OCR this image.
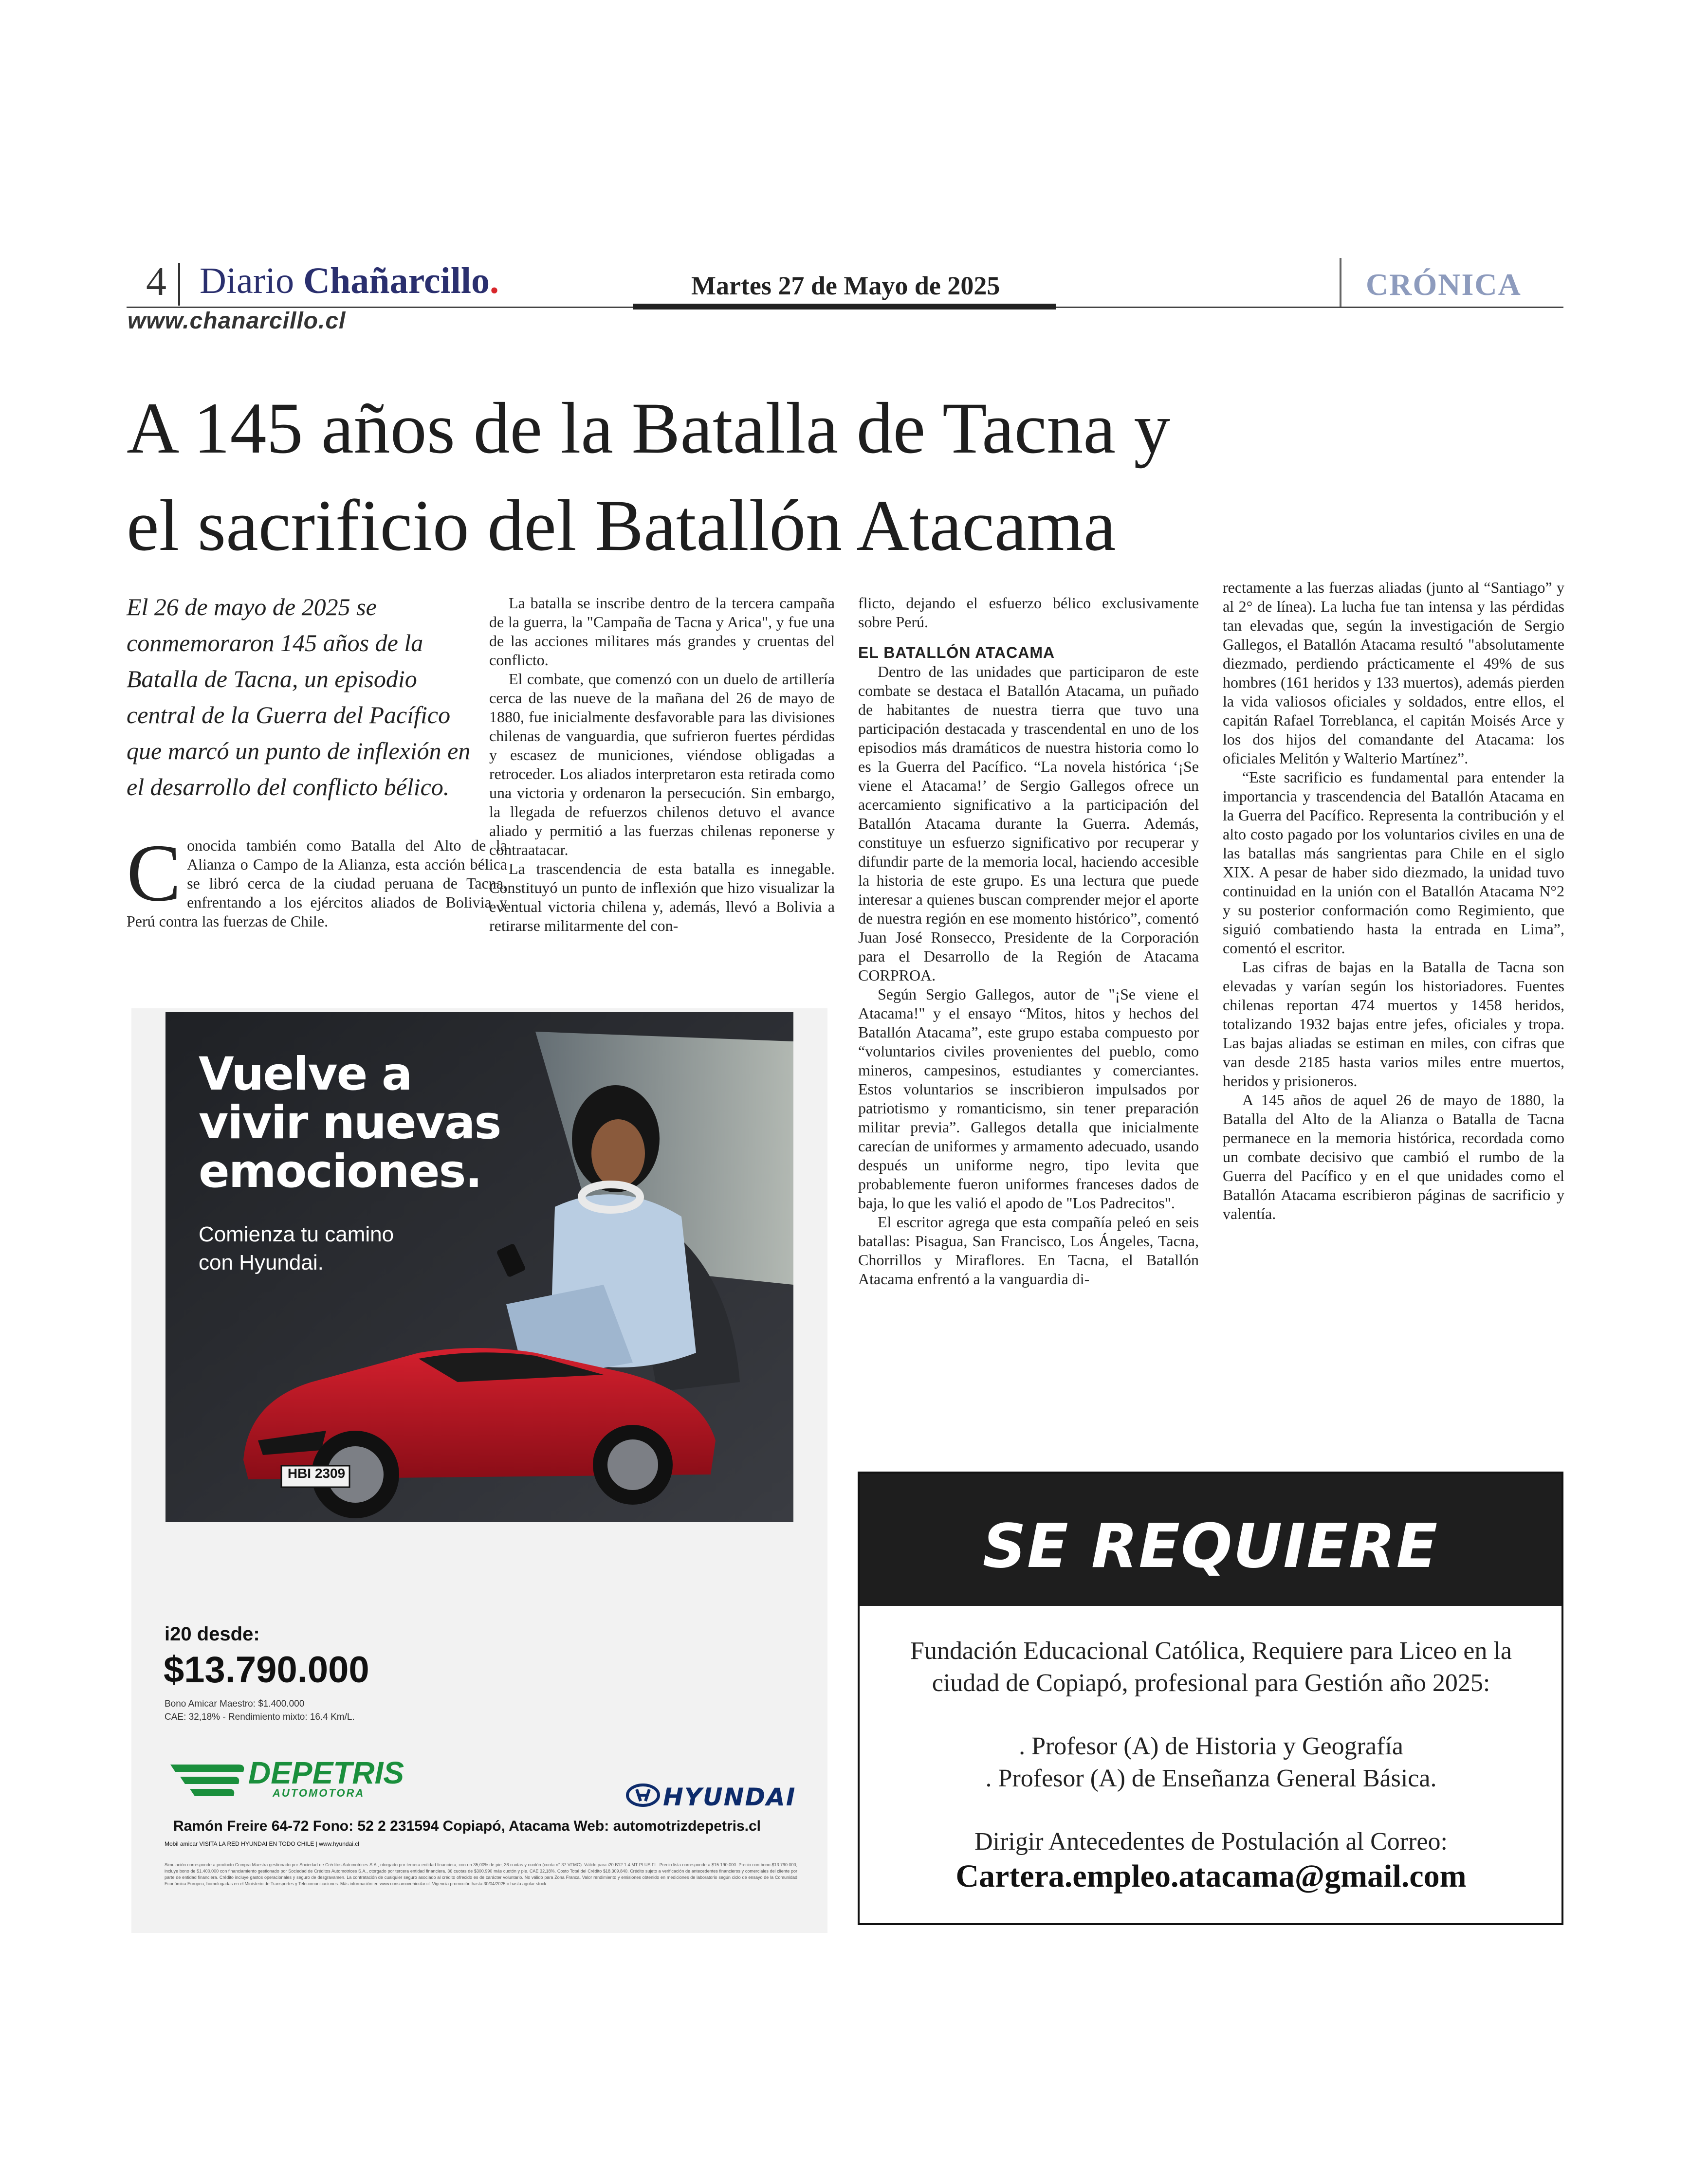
4 Diario Chañarcillo.	Martes 27 de Mayo de 2025	CRÓNICA
www.chanarcillo.cl
A 145 años de la Batalla de Tacna y
el sacrificio del Batallón Atacama
El 26 de mayo de 2025 se conmemoraron 145 años de la Batalla de Tacna, un episodio central de la Guerra del Pacífico que marcó un punto de inflexión en el desarrollo del conflicto bélico.
C onocida también como Batalla del Alto de la Alianza o Campo de la Alianza, esta acción bélica se libró cerca de la ciudad peruana de Tacna, enfrentando a los ejércitos aliados de Bolivia y Perú contra las fuerzas de Chile.

La batalla se inscribe dentro de la tercera campaña de la guerra, la "Campaña de Tacna y Arica", y fue una de las acciones militares más grandes y cruentas del conflicto.

El combate, que comenzó con un duelo de artillería cerca de las nueve de la mañana del 26 de mayo de 1880, fue inicialmente desfavorable para las divisiones chilenas de vanguardia, que sufrieron fuertes pérdidas y escasez de municiones, viéndose obligadas a retroceder. Los aliados interpretaron esta retirada como una victoria y ordenaron la persecución. Sin embargo, la llegada de refuerzos chilenos detuvo el avance aliado y permitió a las fuerzas chilenas reponerse y contraatacar.

La trascendencia de esta batalla es innegable. Constituyó un punto de inflexión que hizo visualizar la eventual victoria chilena y, además, llevó a Bolivia a retirarse militarmente del con-

flicto, dejando el esfuerzo bélico exclusivamente sobre Perú.

EL BATALLÓN ATACAMA

Dentro de las unidades que participaron de este combate se destaca el Batallón Atacama, un puñado de habitantes de nuestra tierra que tuvo una participación destacada y trascendental en uno de los episodios más dramáticos de nuestra historia como lo es la Guerra del Pacífico. “La novela histórica ‘¡Se viene el Atacama!’ de Sergio Gallegos ofrece un acercamiento significativo a la participación del Batallón Atacama durante la Guerra. Además, constituye un esfuerzo significativo por recuperar y difundir parte de la memoria local, haciendo accesible la historia de este grupo. Es una lectura que puede interesar a quienes buscan comprender mejor el aporte de nuestra región en ese momento histórico”, comentó Juan José Ronsecco, Presidente de la Corporación para el Desarrollo de la Región de Atacama CORPROA.

Según Sergio Gallegos, autor de "¡Se viene el Atacama!" y el ensayo “Mitos, hitos y hechos del Batallón Atacama”, este grupo estaba compuesto por “voluntarios civiles provenientes del pueblo, como mineros, campesinos, estudiantes y comerciantes. Estos voluntarios se inscribieron impulsados por patriotismo y romanticismo, sin tener preparación militar previa”. Gallegos detalla que inicialmente carecían de uniformes y armamento adecuado, usando después un uniforme negro, tipo levita que probablemente fueron uniformes franceses dados de baja, lo que les valió el apodo de "Los Padrecitos".

El escritor agrega que esta compañía peleó en seis batallas: Pisagua, San Francisco, Los Ángeles, Tacna, Chorrillos y Miraflores. En Tacna, el Batallón Atacama enfrentó a la vanguardia di-

rectamente a las fuerzas aliadas (junto al “Santiago” y al 2° de línea). La lucha fue tan intensa y las pérdidas tan elevadas que, según la investigación de Sergio Gallegos, el Batallón Atacama resultó "absolutamente diezmado, perdiendo prácticamente el 49% de sus hombres (161 heridos y 133 muertos), además pierden la vida valiosos oficiales y soldados, entre ellos, el capitán Rafael Torreblanca, el capitán Moisés Arce y los dos hijos del comandante del Atacama: los oficiales Melitón y Walterio Martínez”.

“Este sacrificio es fundamental para entender la importancia y trascendencia del Batallón Atacama en la Guerra del Pacífico. Representa la contribución y el alto costo pagado por los voluntarios civiles en una de las batallas más sangrientas para Chile en el siglo XIX. A pesar de haber sido diezmado, la unidad tuvo continuidad en la unión con el Batallón Atacama N°2 y su posterior conformación como Regimiento, que siguió combatiendo hasta la entrada en Lima”, comentó el escritor.

Las cifras de bajas en la Batalla de Tacna son elevadas y varían según los historiadores. Fuentes chilenas reportan 474 muertos y 1458 heridos, totalizando 1932 bajas entre jefes, oficiales y tropa. Las bajas aliadas se estiman en miles, con cifras que van desde 2185 hasta varios miles entre muertos, heridos y prisioneros.

A 145 años de aquel 26 de mayo de 1880, la Batalla del Alto de la Alianza o Batalla de Tacna permanece en la memoria histórica, recordada como un combate decisivo que cambió el rumbo de la Guerra del Pacífico y en el que unidades como el Batallón Atacama escribieron páginas de sacrificio y valentía.

HBI 2309
Vuelve a
vivir nuevas
emociones.
Comienza tu camino
con Hyundai.
i20 desde:
$13.790.000
Bono Amicar Maestro: $1.400.000
CAE: 32,18% - Rendimiento mixto: 16.4 Km/L.
DEPETRIS
AUTOMOTORA	HYUNDAI
Ramón Freire 64-72 Fono: 52 2 231594 Copiapó, Atacama Web: automotrizdepetris.cl
Mobil amicar VISITA LA RED HYUNDAI EN TODO CHILE | www.hyundai.cl
Simulación corresponde a producto Compra Maestra gestionado por Sociedad de Créditos Automotrices S.A., otorgado por tercera entidad financiera, con un 35,00% de pie, 36 cuotas y cuotón (cuota n° 37 VFMG). Válido para i20 B12 1.4 MT PLUS FL. Precio lista corresponde a $15.190.000. Precio con bono $13.790.000, incluye bono de $1.400.000 con financiamiento gestionado por Sociedad de Créditos Automotrices S.A., otorgado por tercera entidad financiera. 36 cuotas de $300.990 más cuotón y pie. CAE 32,18%. Costo Total del Crédito $18.309.840. Crédito sujeto a verificación de antecedentes financieros y comerciales del cliente por parte de entidad financiera. Crédito incluye gastos operacionales y seguro de desgravamen. La contratación de cualquier seguro asociado al crédito ofrecido es de carácter voluntario. No válido para Zona Franca. Valor rendimiento y emisiones obtenido en mediciones de laboratorio según ciclo de ensayo de la Comunidad Económica Europea, homologadas en el Ministerio de Transportes y Telecomunicaciones. Más información en www.consumovehicular.cl. Vigencia promoción hasta 30/04/2025 o hasta agotar stock.
SE REQUIERE
Fundación Educacional Católica, Requiere para Liceo en la
ciudad de Copiapó, profesional para Gestión año 2025:
. Profesor (A) de Historia y Geografía
. Profesor (A) de Enseñanza General Básica.
Dirigir Antecedentes de Postulación al Correo:
Cartera.empleo.atacama@gmail.com
